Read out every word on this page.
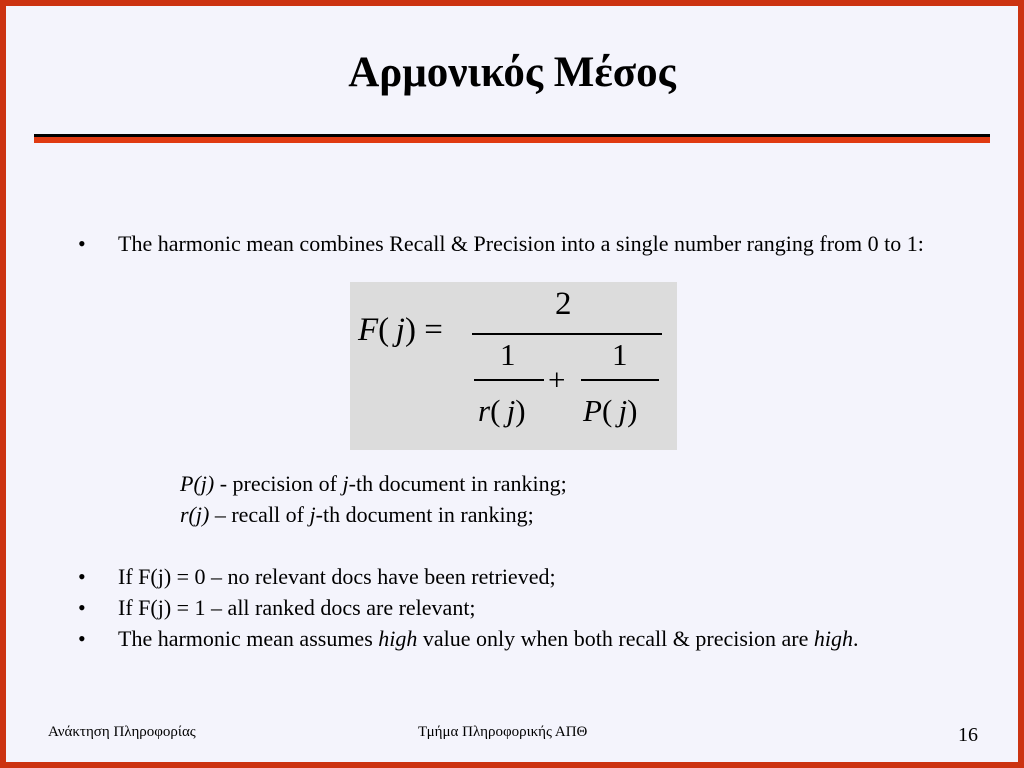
Αρμονικός Μέσος
•	The harmonic mean combines Recall & Precision into a single number ranging from 0 to 1:
F(  j) =
2
1
r(  j)
+
1
P(  j)
P(j) - precision of j-th document in ranking;
r(j) – recall of j-th document in ranking;
•	If F(j) = 0 – no relevant docs have been retrieved;
•	If F(j) = 1 – all ranked docs are relevant;
•	The harmonic mean assumes high value only when both recall & precision are high.
Ανάκτηση Πληροφορίας	Τμήμα Πληροφορικής ΑΠΘ	16
